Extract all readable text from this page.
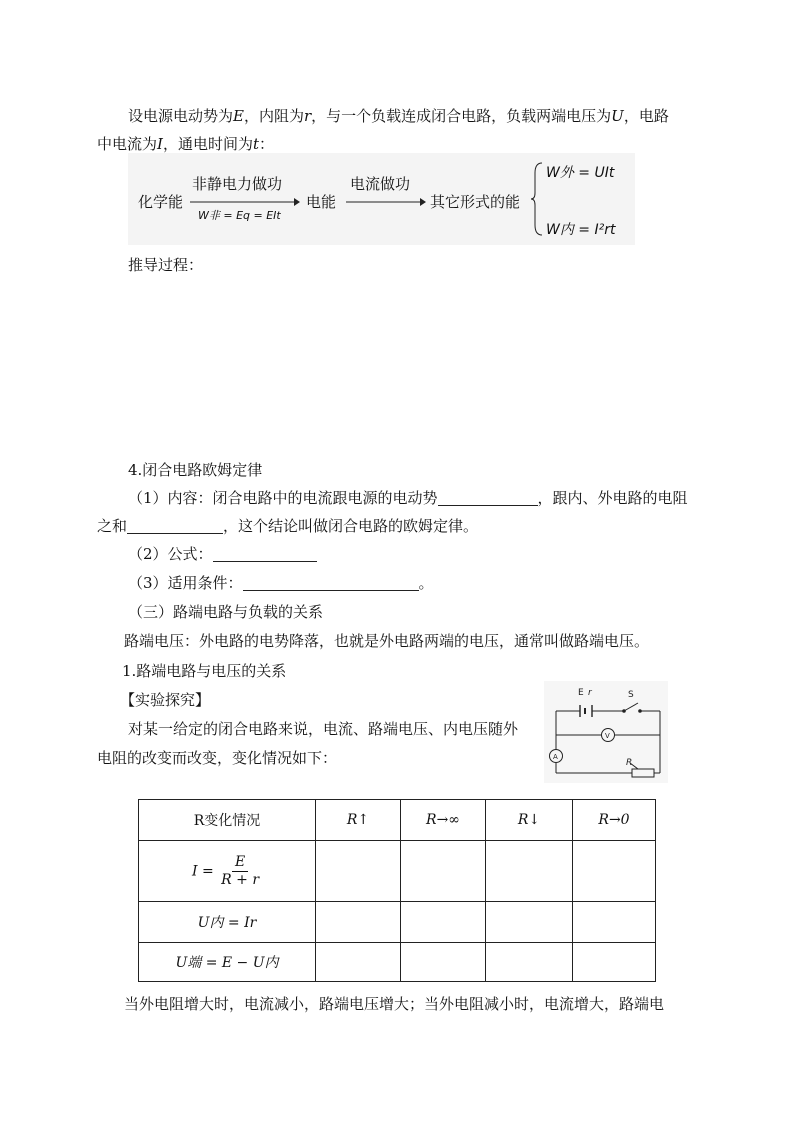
设电源电动势为E，内阻为r，与一个负载连成闭合电路，负载两端电压为U，电路
中电流为I，通电时间为t：
化学能
非静电力做功
W非 = Eq = EIt
电能
电流做功
其它形式的能
W外 = UIt
W内 = I²rt
推导过程：
4.闭合电路欧姆定律
（1）内容：闭合电路中的电流跟电源的电动势	，跟内、外电路的电阻
之和	，这个结论叫做闭合电路的欧姆定律。
（2）公式：
（3）适用条件：	。
（三）路端电路与负载的关系
路端电压：外电路的电势降落，也就是外电路两端的电压，通常叫做路端电压。
1.路端电路与电压的关系
【实验探究】
对某一给定的闭合电路来说，电流、路端电压、内电压随外
电阻的改变而改变，变化情况如下：
E r	S
V
A
R
R变化情况	R↑	R→∞	R↓	R→0
$I = \frac{E}{R + r}$

U内 = Ir				
U端 = E − U内				
当外电阻增大时，电流减小，路端电压增大；当外电阻减小时，电流增大，路端电
